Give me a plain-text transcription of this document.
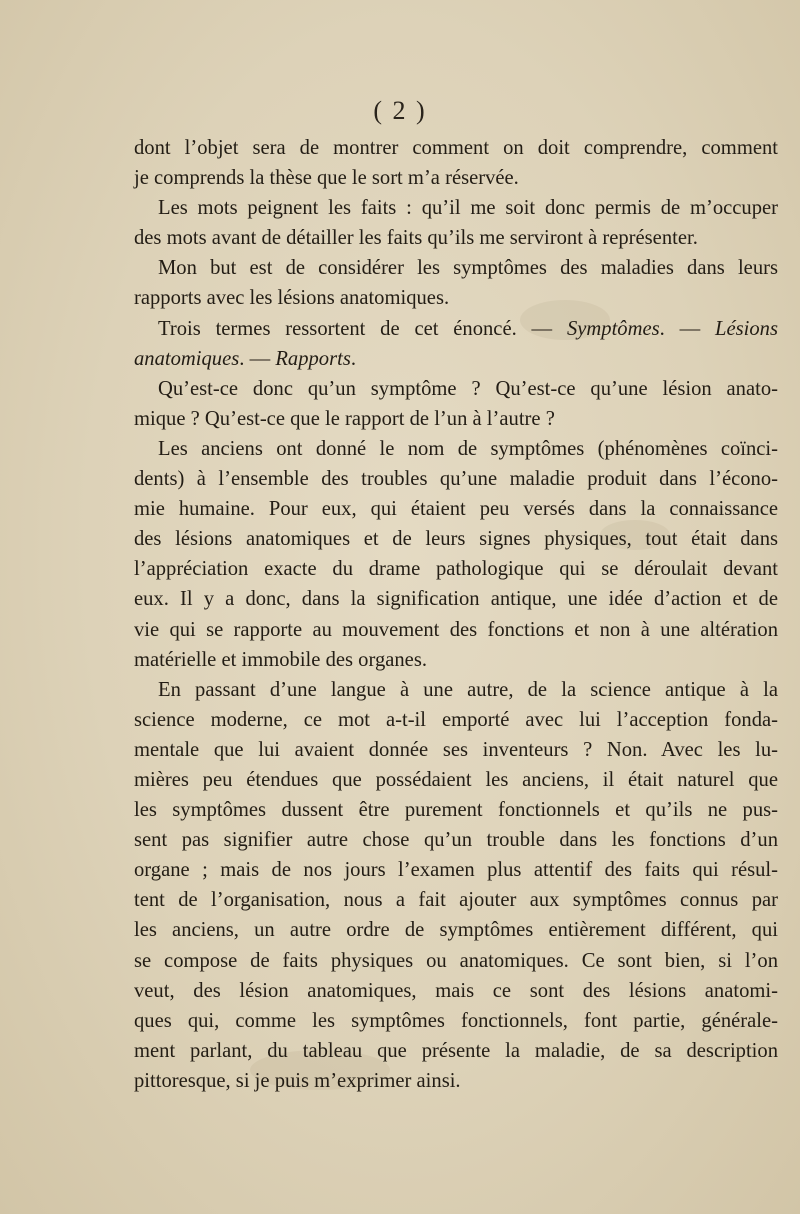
( 2 )
dont l’objet sera de montrer comment on doit comprendre, comment
je comprends la thèse que le sort m’a réservée.
Les mots peignent les faits : qu’il me soit donc permis de m’occuper
des mots avant de détailler les faits qu’ils me serviront à représenter.
Mon but est de considérer les symptômes des maladies dans leurs
rapports avec les lésions anatomiques.
Trois termes ressortent de cet énoncé. — Symptômes. — Lésions
anatomiques. — Rapports.
Qu’est-ce donc qu’un symptôme ? Qu’est-ce qu’une lésion anato-
mique ? Qu’est-ce que le rapport de l’un à l’autre ?
Les anciens ont donné le nom de symptômes (phénomènes coïnci-
dents) à l’ensemble des troubles qu’une maladie produit dans l’écono-
mie humaine. Pour eux, qui étaient peu versés dans la connaissance
des lésions anatomiques et de leurs signes physiques, tout était dans
l’appréciation exacte du drame pathologique qui se déroulait devant
eux. Il y a donc, dans la signification antique, une idée d’action et de
vie qui se rapporte au mouvement des fonctions et non à une altération
matérielle et immobile des organes.
En passant d’une langue à une autre, de la science antique à la
science moderne, ce mot a-t-il emporté avec lui l’acception fonda-
mentale que lui avaient donnée ses inventeurs ? Non. Avec les lu-
mières peu étendues que possédaient les anciens, il était naturel que
les symptômes dussent être purement fonctionnels et qu’ils ne pus-
sent pas signifier autre chose qu’un trouble dans les fonctions d’un
organe ; mais de nos jours l’examen plus attentif des faits qui résul-
tent de l’organisation, nous a fait ajouter aux symptômes connus par
les anciens, un autre ordre de symptômes entièrement différent, qui
se compose de faits physiques ou anatomiques. Ce sont bien, si l’on
veut, des lésion anatomiques, mais ce sont des lésions anatomi-
ques qui, comme les symptômes fonctionnels, font partie, générale-
ment parlant, du tableau que présente la maladie, de sa description
pittoresque, si je puis m’exprimer ainsi.
